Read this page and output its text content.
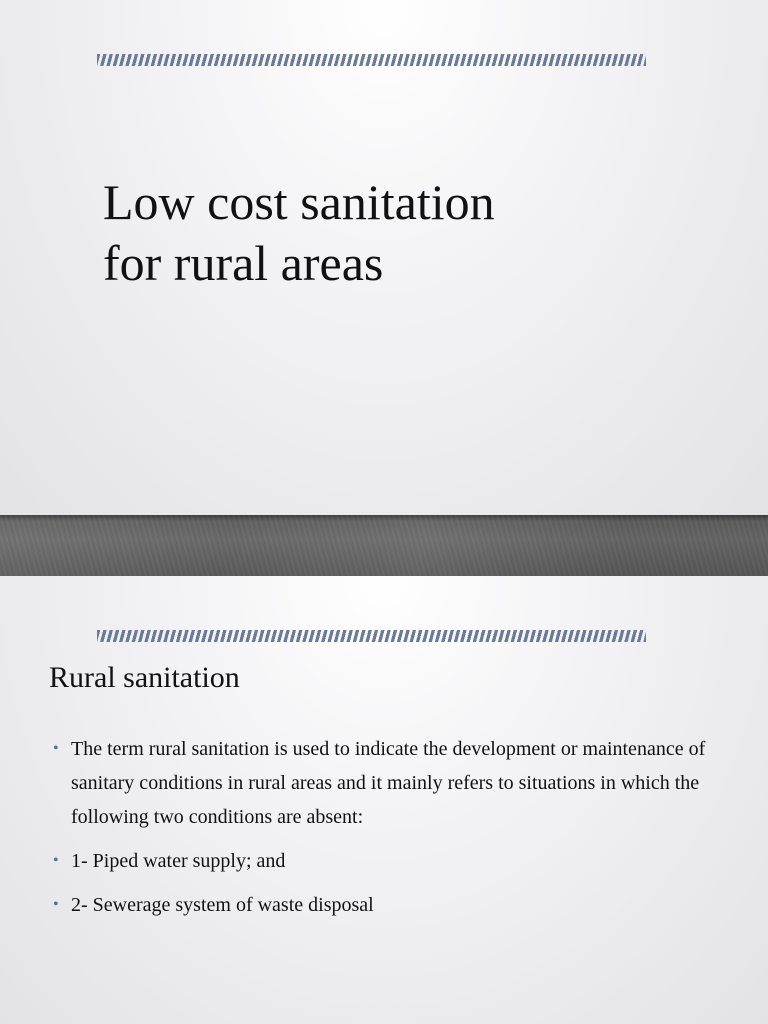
Low cost sanitation
for rural areas
Rural sanitation
• The term rural sanitation is used to indicate the development or maintenance of sanitary conditions in rural areas and it mainly refers to situations in which the following two conditions are absent:
• 1- Piped water supply; and
• 2- Sewerage system of waste disposal
